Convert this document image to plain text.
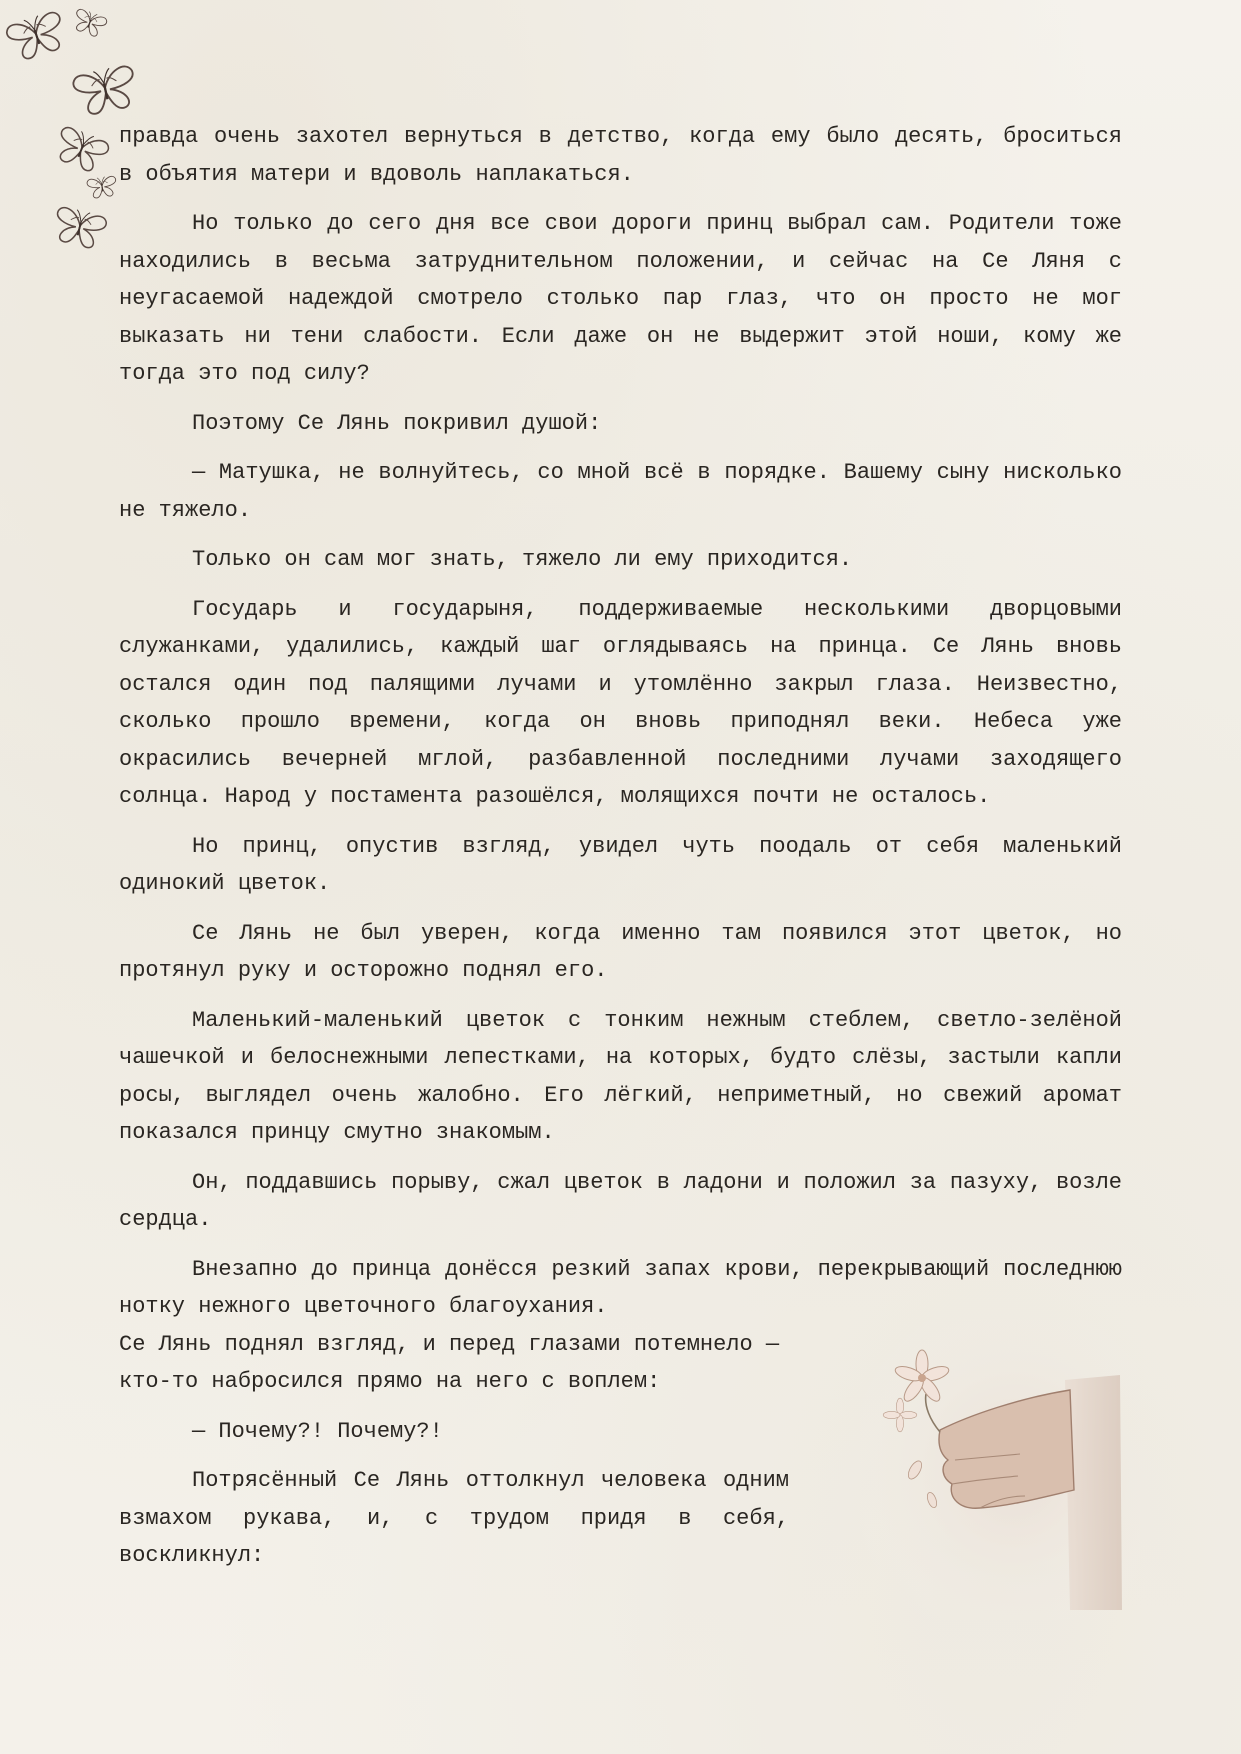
правда очень захотел вернуться в детство, когда ему было десять, броситься в объятия матери и вдоволь наплакаться.

Но только до сего дня все свои дороги принц выбрал сам. Родители тоже находились в весьма затруднительном положении, и сейчас на Се Ляня с неугасаемой надеждой смотрело столько пар глаз, что он просто не мог выказать ни тени слабости. Если даже он не выдержит этой ноши, кому же тогда это под силу?

Поэтому Се Лянь покривил душой:

— Матушка, не волнуйтесь, со мной всё в порядке. Вашему сыну нисколько не тяжело.

Только он сам мог знать, тяжело ли ему приходится.

Государь и государыня, поддерживаемые несколькими дворцовыми служанками, удалились, каждый шаг оглядываясь на принца. Се Лянь вновь остался один под палящими лучами и утомлённо закрыл глаза. Неизвестно, сколько прошло времени, когда он вновь приподнял веки. Небеса уже окрасились вечерней мглой, разбавленной последними лучами заходящего солнца. Народ у постамента разошёлся, молящихся почти не осталось.

Но принц, опустив взгляд, увидел чуть поодаль от себя маленький одинокий цветок.

Се Лянь не был уверен, когда именно там появился этот цветок, но протянул руку и осторожно поднял его.

Маленький-маленький цветок с тонким нежным стеблем, светло-зелёной чашечкой и белоснежными лепестками, на которых, будто слёзы, застыли капли росы, выглядел очень жалобно. Его лёгкий, неприметный, но свежий аромат показался принцу смутно знакомым.

Он, поддавшись порыву, сжал цветок в ладони и положил за пазуху, возле сердца.

Внезапно до принца донёсся резкий запах крови, перекрывающий последнюю нотку нежного цветочного благоухания.

Се Лянь поднял взгляд, и перед глазами потемнело — кто-то набросился прямо на него с воплем:

— Почему?! Почему?!

Потрясённый Се Лянь оттолкнул человека одним взмахом рукава, и, с трудом придя в себя, воскликнул:
